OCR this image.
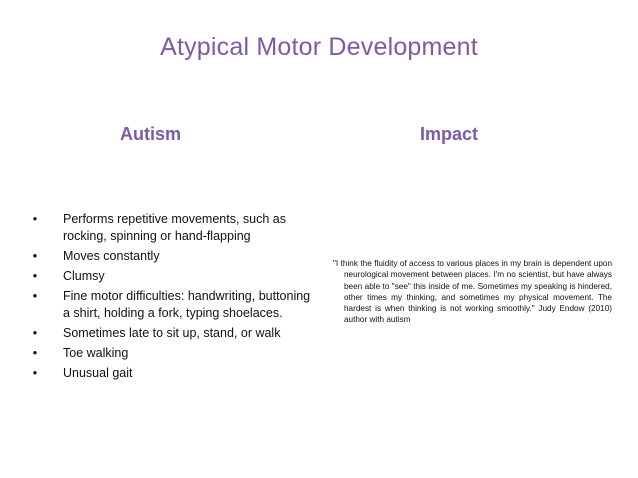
Atypical Motor Development
Autism	Impact
• Performs repetitive movements, such as rocking, spinning or hand-flapping
• Moves constantly
• Clumsy
• Fine motor difficulties: handwriting, buttoning a shirt, holding a fork, typing shoelaces.
• Sometimes late to sit up, stand, or walk
• Toe walking
• Unusual gait
"I think the fluidity of access to various places in my brain is dependent upon neurological movement between places. I'm no scientist, but have always been able to "see" this inside of me. Sometimes my speaking is hindered, other times my thinking, and sometimes my physical movement. The hardest is when thinking is not working smoothly." Judy Endow (2010) author with autism
